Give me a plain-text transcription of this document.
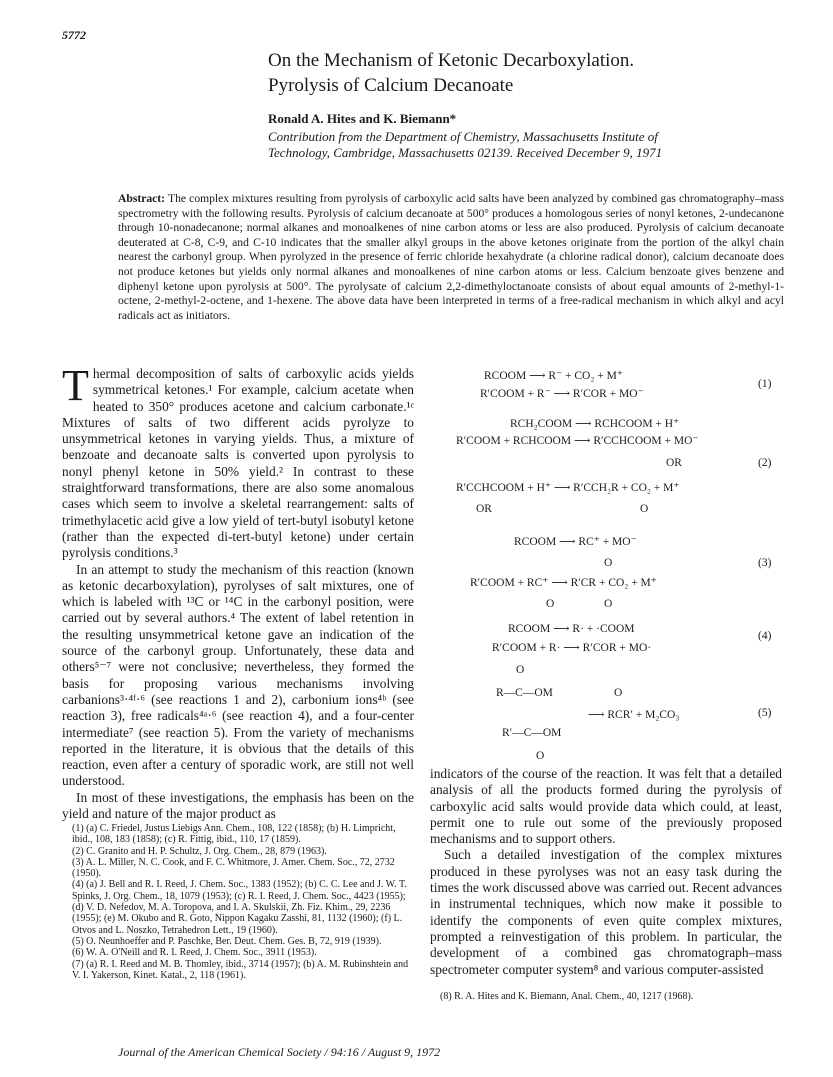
5772
On the Mechanism of Ketonic Decarboxylation.
Pyrolysis of Calcium Decanoate
Ronald A. Hites and K. Biemann*
Contribution from the Department of Chemistry, Massachusetts Institute of
Technology, Cambridge, Massachusetts 02139. Received December 9, 1971
Abstract: The complex mixtures resulting from pyrolysis of carboxylic acid salts have been analyzed by combined gas chromatography–mass spectrometry with the following results. Pyrolysis of calcium decanoate at 500° produces a homologous series of nonyl ketones, 2-undecanone through 10-nonadecanone; normal alkanes and monoalkenes of nine carbon atoms or less are also produced. Pyrolysis of calcium decanoate deuterated at C-8, C-9, and C-10 indicates that the smaller alkyl groups in the above ketones originate from the portion of the alkyl chain nearest the carbonyl group. When pyrolyzed in the presence of ferric chloride hexahydrate (a chlorine radical donor), calcium decanoate does not produce ketones but yields only normal alkanes and monoalkenes of nine carbon atoms or less. Calcium benzoate gives benzene and diphenyl ketone upon pyrolysis at 500°. The pyrolysate of calcium 2,2-dimethyloctanoate consists of about equal amounts of 2-methyl-1-octene, 2-methyl-2-octene, and 1-hexene. The above data have been interpreted in terms of a free-radical mechanism in which alkyl and acyl radicals act as initiators.

Thermal decomposition of salts of carboxylic acids yields symmetrical ketones.¹ For example, calcium acetate when heated to 350° produces acetone and calcium carbonate.¹ᶜ Mixtures of salts of two different acids pyrolyze to unsymmetrical ketones in varying yields. Thus, a mixture of benzoate and decanoate salts is converted upon pyrolysis to nonyl phenyl ketone in 50% yield.² In contrast to these straightforward transformations, there are also some anomalous cases which seem to involve a skeletal rearrangement: salts of trimethylacetic acid give a low yield of tert-butyl isobutyl ketone (rather than the expected di-tert-butyl ketone) under certain pyrolysis conditions.³

In an attempt to study the mechanism of this reaction (known as ketonic decarboxylation), pyrolyses of salt mixtures, one of which is labeled with ¹³C or ¹⁴C in the carbonyl position, were carried out by several authors.⁴ The extent of label retention in the resulting unsymmetrical ketone gave an indication of the source of the carbonyl group. Unfortunately, these data and others⁵⁻⁷ were not conclusive; nevertheless, they formed the basis for proposing various mechanisms involving carbanions³·⁴ᶠ·⁶ (see reactions 1 and 2), carbonium ions⁴ᵇ (see reaction 3), free radicals⁴ᵃ·⁶ (see reaction 4), and a four-center intermediate⁷ (see reaction 5). From the variety of mechanisms reported in the literature, it is obvious that the details of this reaction, even after a century of sporadic work, are still not well understood.

In most of these investigations, the emphasis has been on the yield and nature of the major product as

(1) (a) C. Friedel, Justus Liebigs Ann. Chem., 108, 122 (1858); (b) H. Limpricht, ibid., 108, 183 (1858); (c) R. Fittig, ibid., 110, 17 (1859).

(2) C. Granito and H. P. Schultz, J. Org. Chem., 28, 879 (1963).

(3) A. L. Miller, N. C. Cook, and F. C. Whitmore, J. Amer. Chem. Soc., 72, 2732 (1950).

(4) (a) J. Bell and R. I. Reed, J. Chem. Soc., 1383 (1952); (b) C. C. Lee and J. W. T. Spinks, J. Org. Chem., 18, 1079 (1953); (c) R. I. Reed, J. Chem. Soc., 4423 (1955); (d) V. D. Nefedov, M. A. Toropova, and I. A. Skulskii, Zh. Fiz. Khim., 29, 2236 (1955); (e) M. Okubo and R. Goto, Nippon Kagaku Zasshi, 81, 1132 (1960); (f) L. Otvos and L. Noszko, Tetrahedron Lett., 19 (1960).

(5) O. Neunhoeffer and P. Paschke, Ber. Deut. Chem. Ges. B, 72, 919 (1939).

(6) W. A. O'Neill and R. I. Reed, J. Chem. Soc., 3911 (1953).

(7) (a) R. I. Reed and M. B. Thomley, ibid., 3714 (1957); (b) A. M. Rubinshtein and V. I. Yakerson, Kinet. Katal., 2, 118 (1961).

RCOOM ⟶ R⁻ + CO₂ + M⁺
R′COOM + R⁻ ⟶ R′COR + MO⁻
(1)
RCH₂COOM ⟶ RCHCOOM + H⁺
R′COOM + RCHCOOM ⟶ R′CCHCOOM + MO⁻
OR	(2)
R′CCHCOOM + H⁺ ⟶ R′CCH₂R + CO₂ + M⁺
OR	O
RCOOM ⟶ RC⁺ + MO⁻
O	(3)
R′COOM + RC⁺ ⟶ R′CR + CO₂ + M⁺
O	O
RCOOM ⟶ R· + ·COOM
R′COOM + R· ⟶ R′COR + MO·
(4)
O
R—C—OM	O
⟶ RCR′ + M₂CO₃	(5)
R′—C—OM
O

indicators of the course of the reaction. It was felt that a detailed analysis of all the products formed during the pyrolysis of carboxylic acid salts would provide data which could, at least, permit one to rule out some of the previously proposed mechanisms and to support others.

Such a detailed investigation of the complex mixtures produced in these pyrolyses was not an easy task during the times the work discussed above was carried out. Recent advances in instrumental techniques, which now make it possible to identify the components of even quite complex mixtures, prompted a reinvestigation of this problem. In particular, the development of a combined gas chromatograph–mass spectrometer computer system⁸ and various computer-assisted

(8) R. A. Hites and K. Biemann, Anal. Chem., 40, 1217 (1968).
Journal of the American Chemical Society / 94:16 / August 9, 1972
